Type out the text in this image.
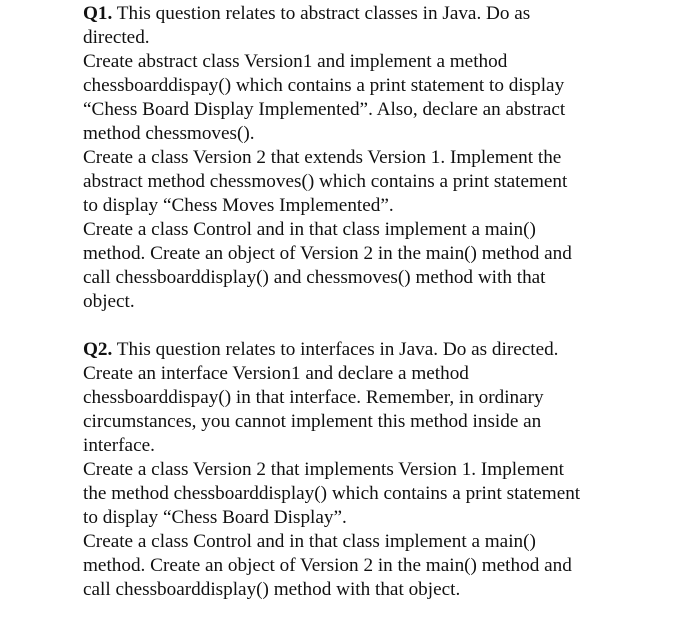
Q1. This question relates to abstract classes in Java. Do as
directed.
Create abstract class Version1 and implement a method
chessboarddispay() which contains a print statement to display
“Chess Board Display Implemented”. Also, declare an abstract
method chessmoves().
Create a class Version 2 that extends Version 1. Implement the
abstract method chessmoves() which contains a print statement
to display “Chess Moves Implemented”.
Create a class Control and in that class implement a main()
method. Create an object of Version 2 in the main() method and
call chessboarddisplay() and chessmoves() method with that
object.
Q2. This question relates to interfaces in Java. Do as directed.
Create an interface Version1 and declare a method
chessboarddispay() in that interface. Remember, in ordinary
circumstances, you cannot implement this method inside an
interface.
Create a class Version 2 that implements Version 1. Implement
the method chessboarddisplay() which contains a print statement
to display “Chess Board Display”.
Create a class Control and in that class implement a main()
method. Create an object of Version 2 in the main() method and
call chessboarddisplay() method with that object.
